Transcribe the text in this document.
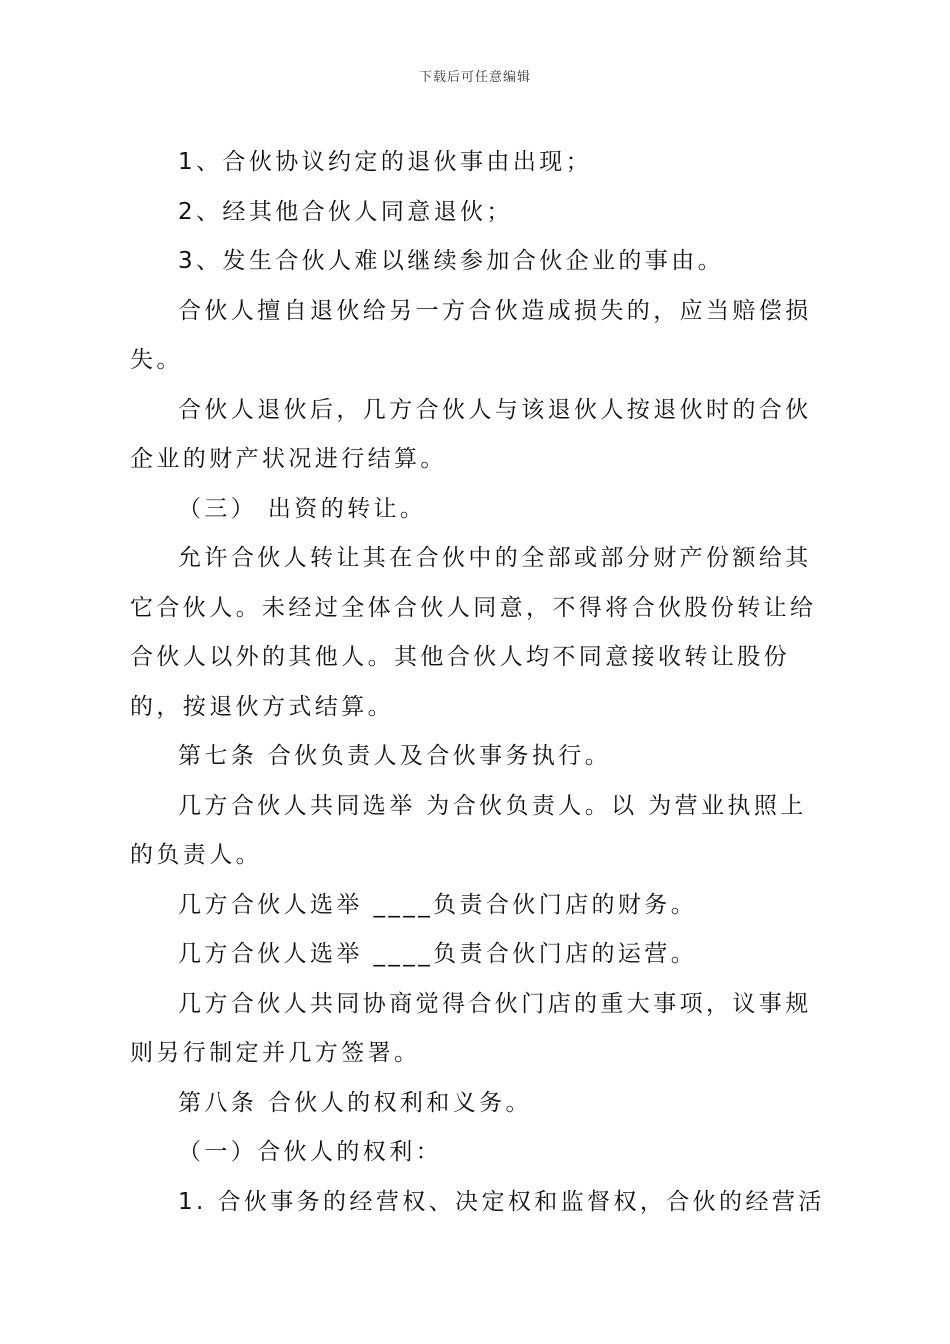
下载后可任意编辑

1、合伙协议约定的退伙事由出现；

2、经其他合伙人同意退伙；

3、发生合伙人难以继续参加合伙企业的事由。

合伙人擅自退伙给另一方合伙造成损失的，应当赔偿损失。

合伙人退伙后，几方合伙人与该退伙人按退伙时的合伙企业的财产状况进行结算。

（三） 出资的转让。

允许合伙人转让其在合伙中的全部或部分财产份额给其它合伙人。未经过全体合伙人同意，不得将合伙股份转让给合伙人以外的其他人。其他合伙人均不同意接收转让股份的，按退伙方式结算。

第七条 合伙负责人及合伙事务执行。

几方合伙人共同选举 为合伙负责人。以 为营业执照上的负责人。

几方合伙人选举 ____负责合伙门店的财务。

几方合伙人选举 ____负责合伙门店的运营。

几方合伙人共同协商觉得合伙门店的重大事项，议事规则另行制定并几方签署。

第八条 合伙人的权利和义务。

（一）合伙人的权利：

1. 合伙事务的经营权、决定权和监督权，合伙的经营活
